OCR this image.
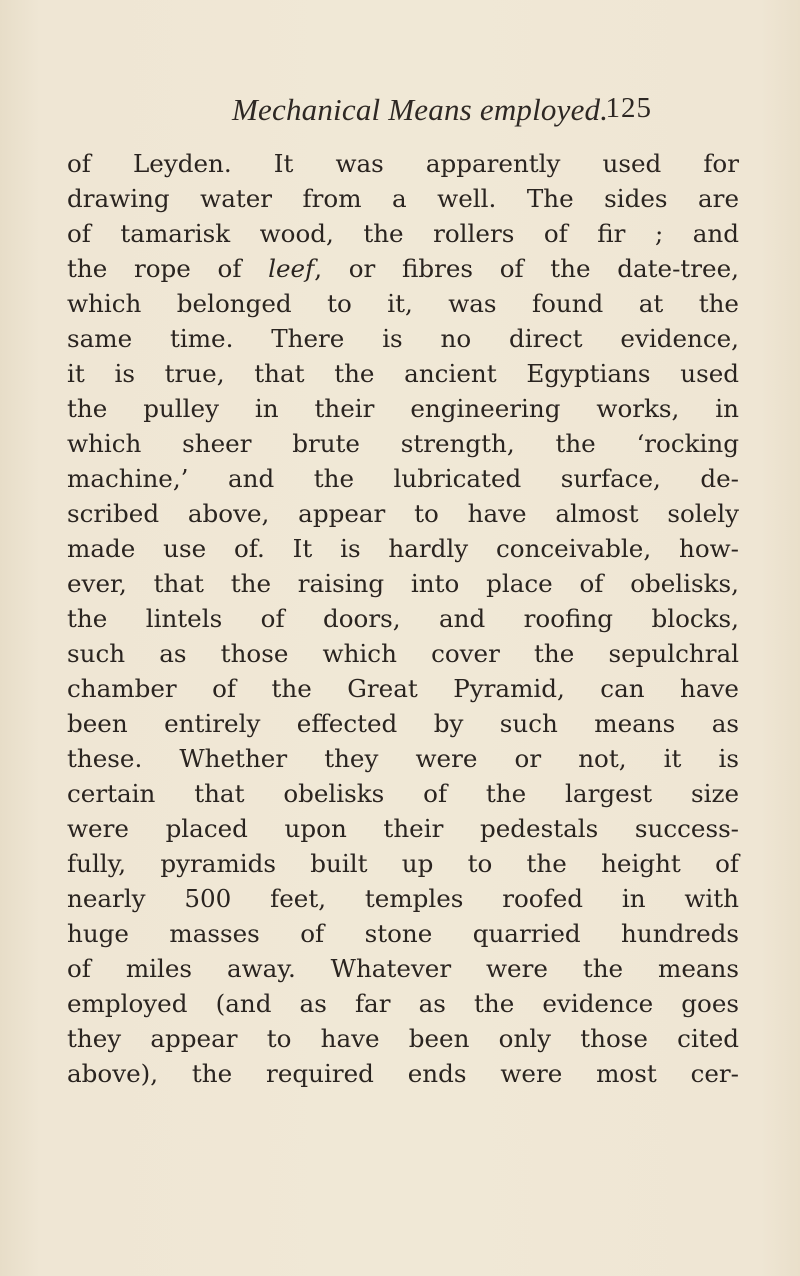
Mechanical Means employed.
125
of Leyden. It was apparently used for
drawing water from a well. The sides are
of tamarisk wood, the rollers of fir ; and
the rope of leef, or fibres of the date-tree,
which belonged to it, was found at the
same time. There is no direct evidence,
it is true, that the ancient Egyptians used
the pulley in their engineering works, in
which sheer brute strength, the ‘rocking
machine,’ and the lubricated surface, de-
scribed above, appear to have almost solely
made use of. It is hardly conceivable, how-
ever, that the raising into place of obelisks,
the lintels of doors, and roofing blocks,
such as those which cover the sepulchral
chamber of the Great Pyramid, can have
been entirely effected by such means as
these. Whether they were or not, it is
certain that obelisks of the largest size
were placed upon their pedestals success-
fully, pyramids built up to the height of
nearly 500 feet, temples roofed in with
huge masses of stone quarried hundreds
of miles away. Whatever were the means
employed (and as far as the evidence goes
they appear to have been only those cited
above), the required ends were most cer-
